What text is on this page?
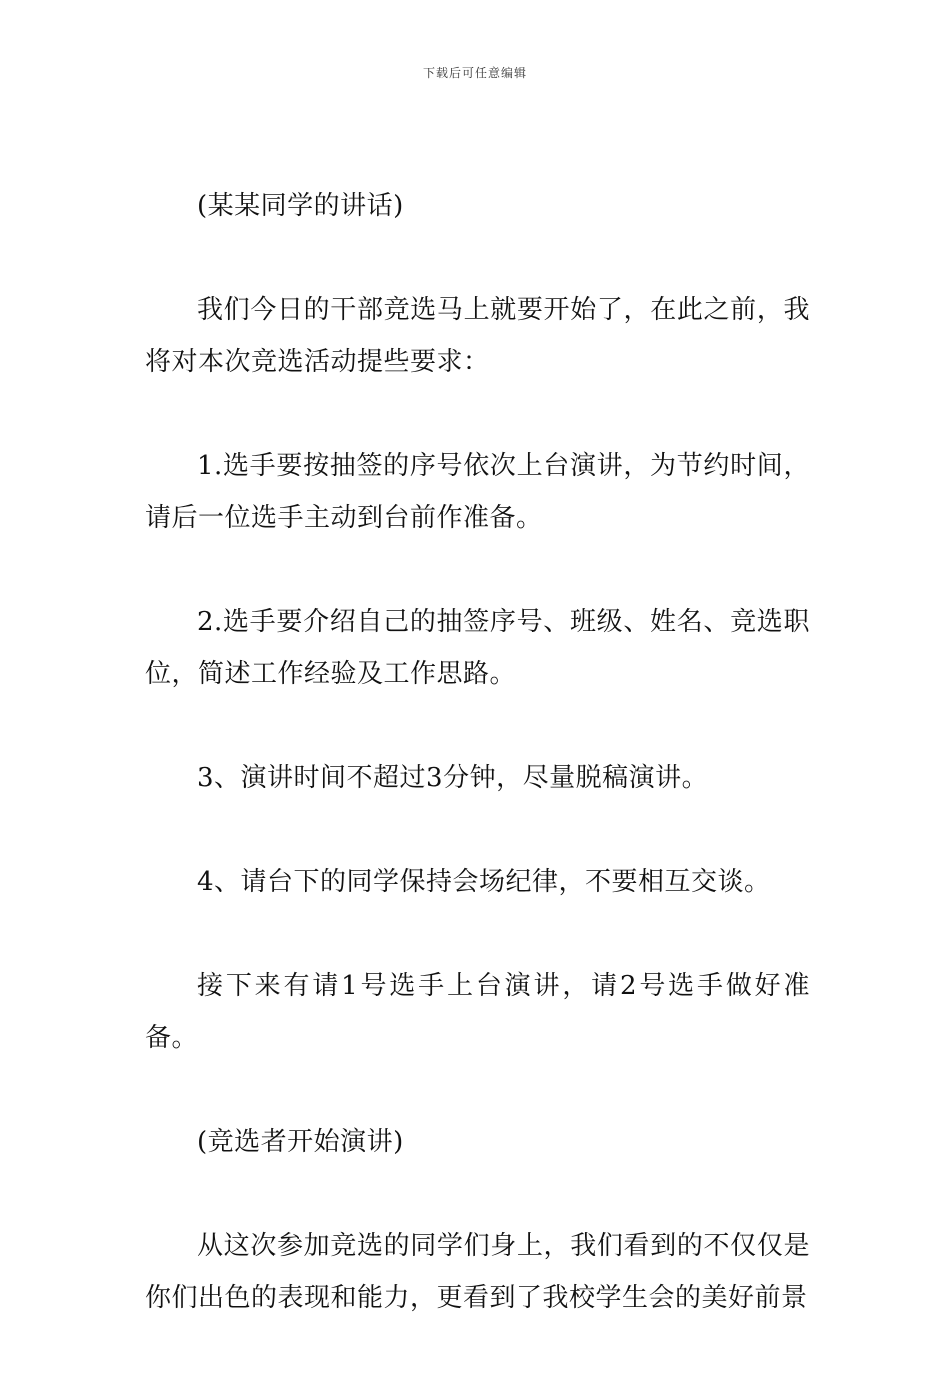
下载后可任意编辑

(某某同学的讲话)

我们今日的干部竞选马上就要开始了，在此之前，我将对本次竞选活动提些要求：

1.选手要按抽签的序号依次上台演讲，为节约时间，请后一位选手主动到台前作准备。

2.选手要介绍自己的抽签序号、班级、姓名、竞选职位，简述工作经验及工作思路。

3、演讲时间不超过3分钟，尽量脱稿演讲。

4、请台下的同学保持会场纪律，不要相互交谈。

接下来有请1号选手上台演讲，请2号选手做好准备。

(竞选者开始演讲)

从这次参加竞选的同学们身上，我们看到的不仅仅是你们出色的表现和能力，更看到了我校学生会的美好前景
